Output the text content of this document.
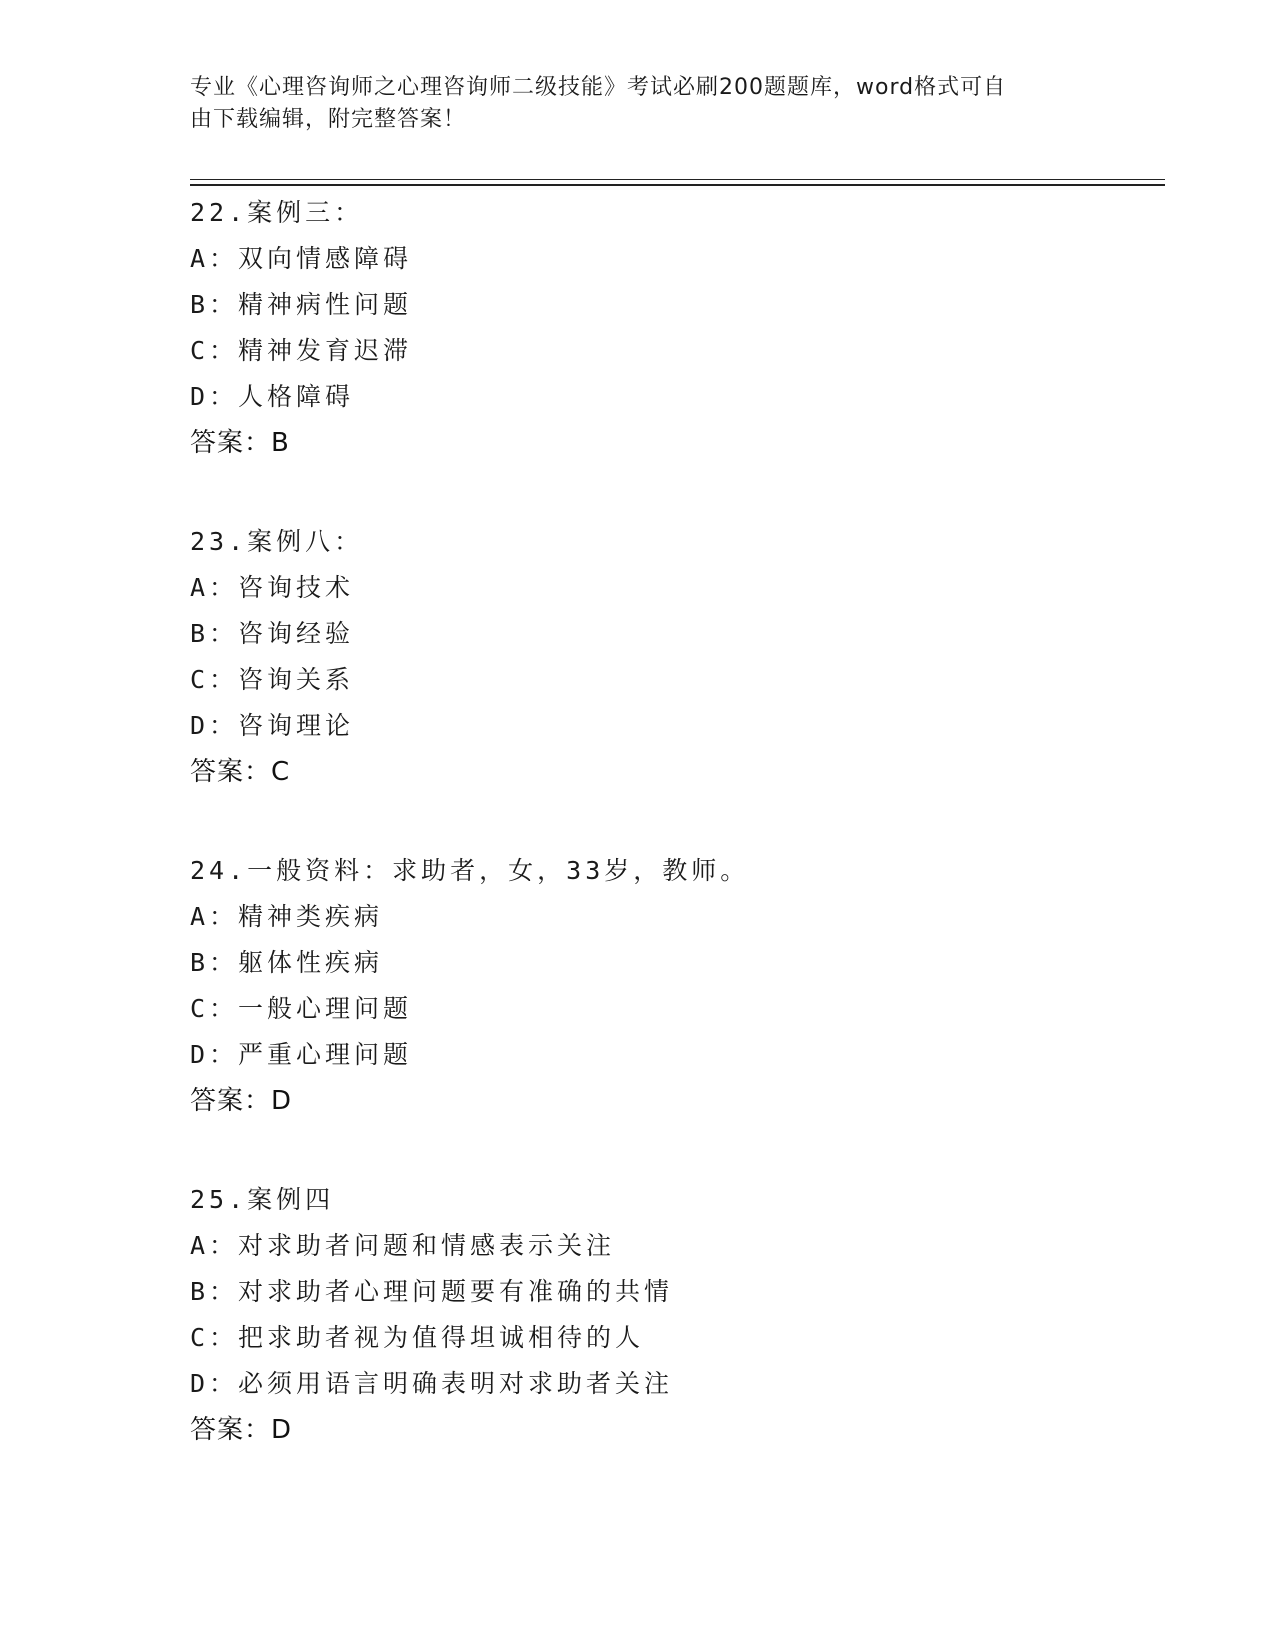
专业《心理咨询师之心理咨询师二级技能》考试必刷200题题库，word格式可自
由下载编辑，附完整答案！
22.案例三：
A：双向情感障碍
B：精神病性问题
C：精神发育迟滞
D：人格障碍
答案：B
23.案例八：
A：咨询技术
B：咨询经验
C：咨询关系
D：咨询理论
答案：C
24.一般资料：求助者，女，33岁，教师。
A：精神类疾病
B：躯体性疾病
C：一般心理问题
D：严重心理问题
答案：D
25.案例四
A：对求助者问题和情感表示关注
B：对求助者心理问题要有准确的共情
C：把求助者视为值得坦诚相待的人
D：必须用语言明确表明对求助者关注
答案：D
